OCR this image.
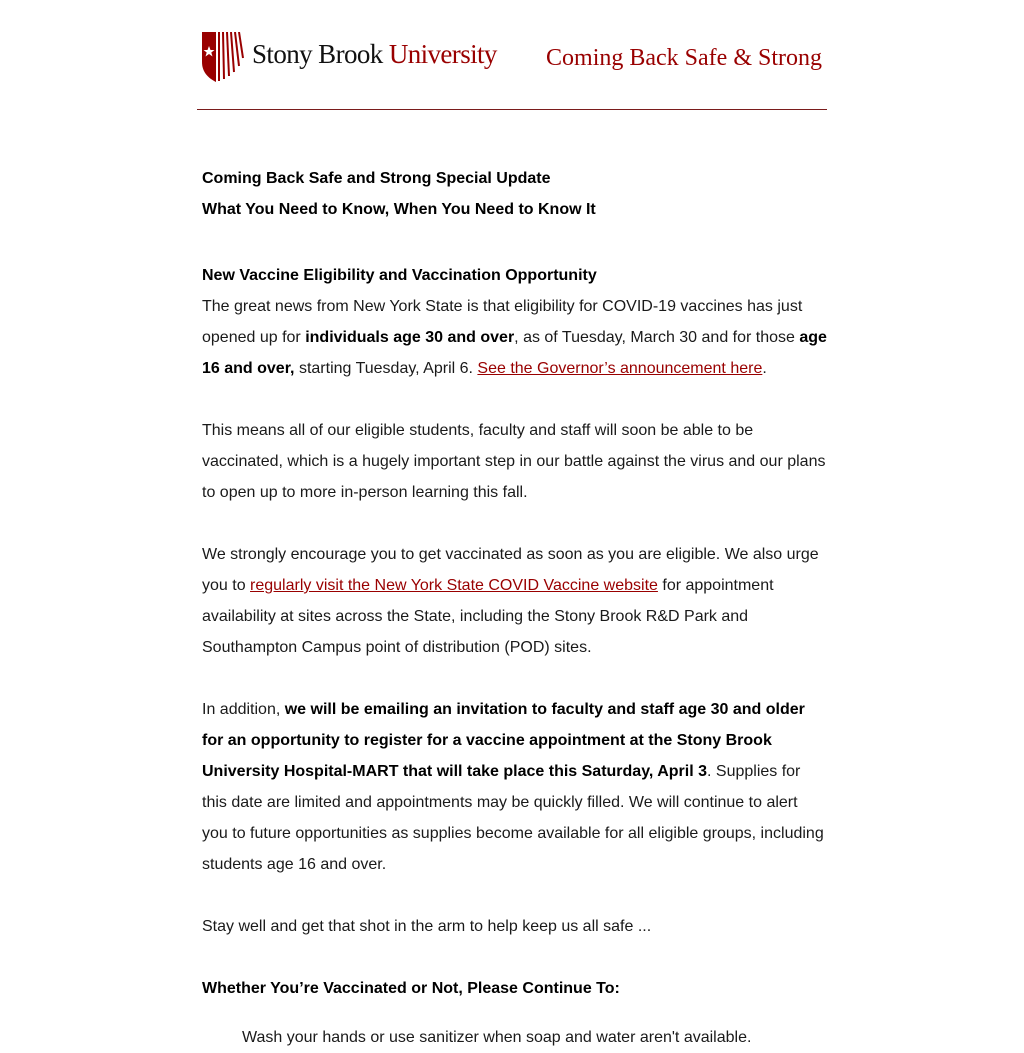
Stony Brook University Coming Back Safe & Strong

Coming Back Safe and Strong Special Update

What You Need to Know, When You Need to Know It

New Vaccine Eligibility and Vaccination Opportunity

The great news from New York State is that eligibility for COVID-19 vaccines has just opened up for individuals age 30 and over, as of Tuesday, March 30 and for those age 16 and over, starting Tuesday, April 6. See the Governor’s announcement here.

This means all of our eligible students, faculty and staff will soon be able to be vaccinated, which is a hugely important step in our battle against the virus and our plans to open up to more in-person learning this fall.

We strongly encourage you to get vaccinated as soon as you are eligible. We also urge you to regularly visit the New York State COVID Vaccine website for appointment availability at sites across the State, including the Stony Brook R&D Park and Southampton Campus point of distribution (POD) sites.

In addition, we will be emailing an invitation to faculty and staff age 30 and older for an opportunity to register for a vaccine appointment at the Stony Brook University Hospital-MART that will take place this Saturday, April 3. Supplies for this date are limited and appointments may be quickly filled. We will continue to alert you to future opportunities as supplies become available for all eligible groups, including students age 16 and over.

Stay well and get that shot in the arm to help keep us all safe ...

Whether You’re Vaccinated or Not, Please Continue To:

Wash your hands or use sanitizer when soap and water aren't available.
